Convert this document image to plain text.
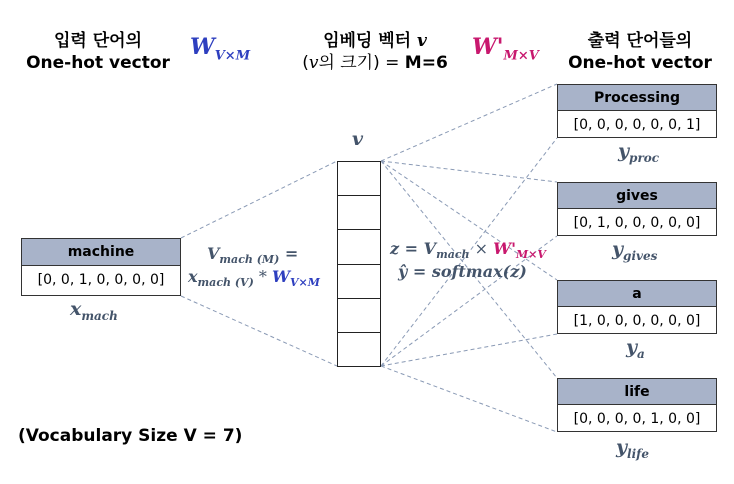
입력 단어의
One-hot vector
$W_{V\times M}$
임베딩 벡터 v
(v의 크기) = M=6
$W'_{M\times V}$
출력 단어들의
One-hot vector
machine
[0, 0, 1, 0, 0, 0, 0]
$x_{mach}$
v
$V_{mach (M)}$ =
$x_{mach (V)} * W_{V\times M}$
$z = V_{mach} \times W'_{M\times V}$
ŷ = softmax(z)
Processing
[0, 0, 0, 0, 0, 0, 1]
$y_{proc}$
gives
[0, 1, 0, 0, 0, 0, 0]
$y_{gives}$
a
[1, 0, 0, 0, 0, 0, 0]
$y_a$
life
[0, 0, 0, 0, 1, 0, 0]
$y_{life}$
(Vocabulary Size V = 7)
